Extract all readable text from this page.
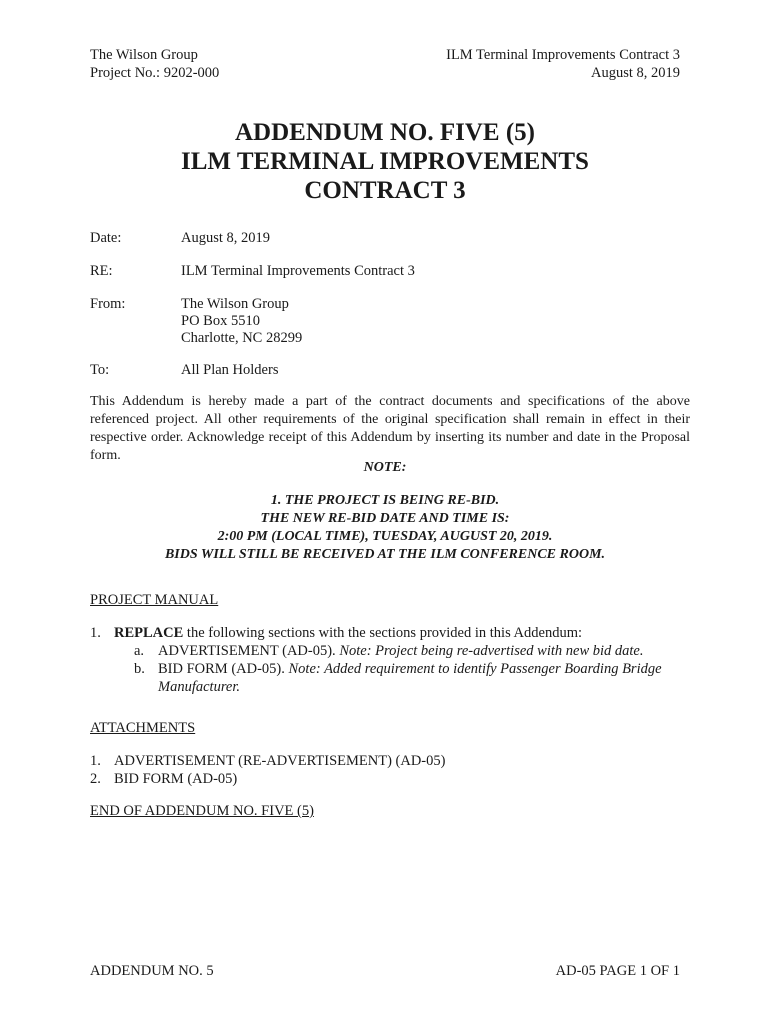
The Wilson Group
Project No.: 9202-000
ILM Terminal Improvements Contract 3
August 8, 2019
ADDENDUM NO. FIVE (5)
ILM TERMINAL IMPROVEMENTS
CONTRACT 3
Date:	August 8, 2019
RE:	ILM Terminal Improvements Contract 3
From:	The Wilson Group
PO Box 5510
Charlotte, NC 28299
To:	All Plan Holders
This Addendum is hereby made a part of the contract documents and specifications of the above referenced project. All other requirements of the original specification shall remain in effect in their respective order. Acknowledge receipt of this Addendum by inserting its number and date in the Proposal form.
NOTE:
1. THE PROJECT IS BEING RE-BID.
THE NEW RE-BID DATE AND TIME IS:
2:00 PM (LOCAL TIME), TUESDAY, AUGUST 20, 2019.
BIDS WILL STILL BE RECEIVED AT THE ILM CONFERENCE ROOM.
PROJECT MANUAL
1. REPLACE the following sections with the sections provided in this Addendum:
a. ADVERTISEMENT (AD-05). Note: Project being re-advertised with new bid date.
b. BID FORM (AD-05). Note: Added requirement to identify Passenger Boarding Bridge
Manufacturer.
ATTACHMENTS
1. ADVERTISEMENT (RE-ADVERTISEMENT) (AD-05)
2. BID FORM (AD-05)
END OF ADDENDUM NO. FIVE (5)
ADDENDUM NO. 5	AD-05 PAGE 1 OF 1
